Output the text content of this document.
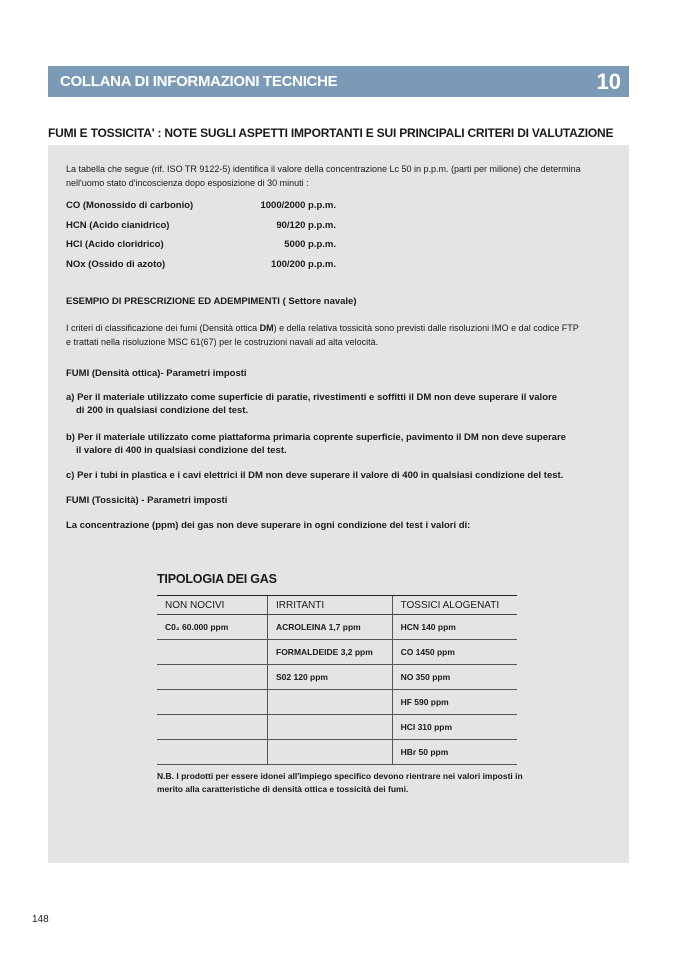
COLLANA DI INFORMAZIONI TECNICHE	10
FUMI E TOSSICITA' : NOTE SUGLI ASPETTI IMPORTANTI E SUI PRINCIPALI CRITERI DI VALUTAZIONE
La tabella che segue (rif. ISO TR 9122-5) identifica il valore della concentrazione Lc 50 in p.p.m. (parti per milione) che determina
nell'uomo stato d'incoscienza dopo esposizione di 30 minuti :
CO (Monossido di carbonio)	1000/2000 p.p.m.
HCN (Acido cianidrico)	90/120 p.p.m.
HCl (Acido cloridrico)	5000 p.p.m.
NOx (Ossido di azoto)	100/200 p.p.m.
ESEMPIO DI PRESCRIZIONE ED ADEMPIMENTI ( Settore navale)
I criteri di classificazione dei fumi (Densità ottica DM) e della relativa tossicità sono previsti dalle risoluzioni IMO e dal codice FTP
e trattati nella risoluzione MSC 61(67) per le costruzioni navali ad alta velocità.
FUMI (Densità ottica)- Parametri imposti
a) Per il materiale utilizzato come superficie di paratie, rivestimenti e soffitti il DM non deve superare il valore
di 200 in qualsiasi condizione del test.
b) Per il materiale utilizzato come piattaforma primaria coprente superficie, pavimento il DM non deve superare
il valore di 400 in qualsiasi condizione del test.
c) Per i tubi in plastica e i cavi elettrici il DM non deve superare il valore di 400 in qualsiasi condizione del test.
FUMI (Tossicità) - Parametri imposti
La concentrazione (ppm) dei gas non deve superare in ogni condizione del test i valori di:
TIPOLOGIA DEI GAS
NON NOCIVI	IRRITANTI	TOSSICI ALOGENATI
C0₂ 60.000 ppm	ACROLEINA 1,7 ppm	HCN 140 ppm
	FORMALDEIDE 3,2 ppm	CO 1450 ppm
	S02 120 ppm	NO 350 ppm
		HF 590 ppm
		HCl 310 ppm
		HBr 50 ppm
N.B. I prodotti per essere idonei all'impiego specifico devono rientrare nei valori imposti in
merito alla caratteristiche di densità ottica e tossicità dei fumi.
148
